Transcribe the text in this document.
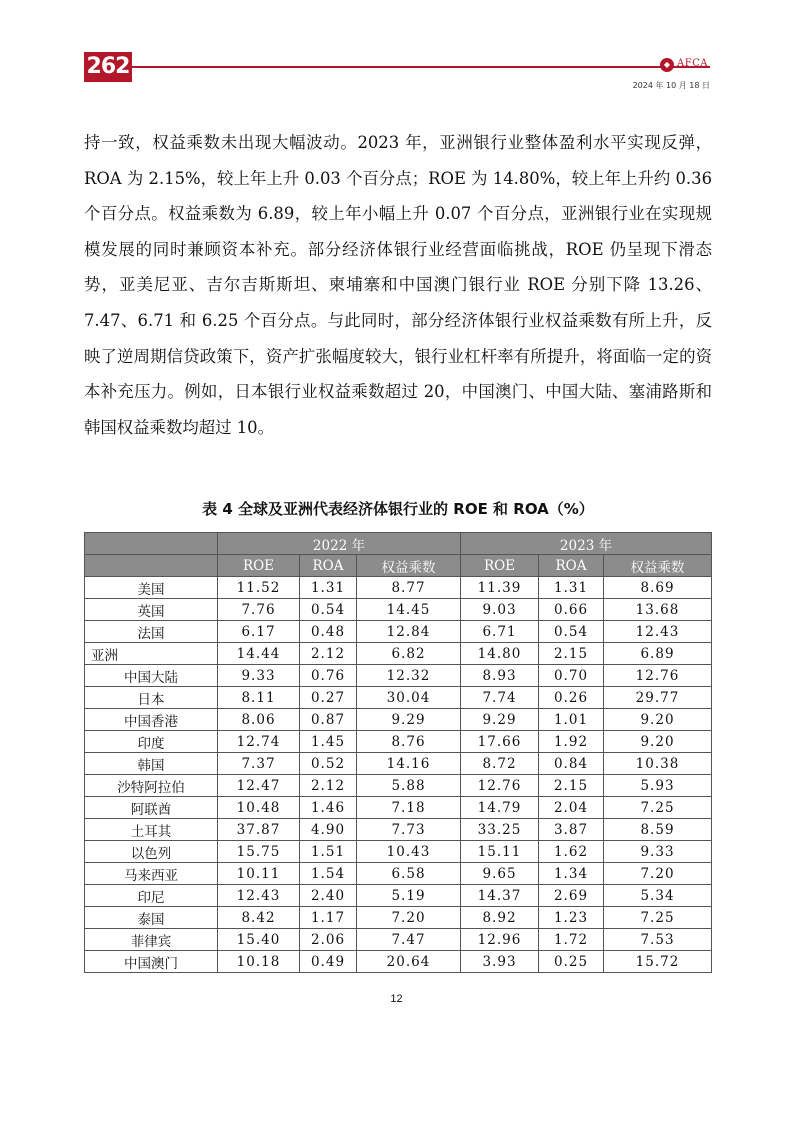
262	◆ AFCA
2024 年 10 月 18 日

持一致，权益乘数未出现大幅波动。2023 年，亚洲银行业整体盈利水平实现反弹，ROA 为 2.15%，较上年上升 0.03 个百分点；ROE 为 14.80%，较上年上升约 0.36 个百分点。权益乘数为 6.89，较上年小幅上升 0.07 个百分点，亚洲银行业在实现规模发展的同时兼顾资本补充。部分经济体银行业经营面临挑战，ROE 仍呈现下滑态势，亚美尼亚、吉尔吉斯斯坦、柬埔寨和中国澳门银行业 ROE 分别下降 13.26、7.47、6.71 和 6.25 个百分点。与此同时，部分经济体银行业权益乘数有所上升，反映了逆周期信贷政策下，资产扩张幅度较大，银行业杠杆率有所提升，将面临一定的资本补充压力。例如，日本银行业权益乘数超过 20，中国澳门、中国大陆、塞浦路斯和韩国权益乘数均超过 10。

表 4 全球及亚洲代表经济体银行业的 ROE 和 ROA（%）
	2022 年			2023 年		
	ROE	ROA	权益乘数	ROE	ROA	权益乘数
美国	11.52	1.31	8.77	11.39	1.31	8.69
英国	7.76	0.54	14.45	9.03	0.66	13.68
法国	6.17	0.48	12.84	6.71	0.54	12.43
亚洲	14.44	2.12	6.82	14.80	2.15	6.89
中国大陆	9.33	0.76	12.32	8.93	0.70	12.76
日本	8.11	0.27	30.04	7.74	0.26	29.77
中国香港	8.06	0.87	9.29	9.29	1.01	9.20
印度	12.74	1.45	8.76	17.66	1.92	9.20
韩国	7.37	0.52	14.16	8.72	0.84	10.38
沙特阿拉伯	12.47	2.12	5.88	12.76	2.15	5.93
阿联酋	10.48	1.46	7.18	14.79	2.04	7.25
土耳其	37.87	4.90	7.73	33.25	3.87	8.59
以色列	15.75	1.51	10.43	15.11	1.62	9.33
马来西亚	10.11	1.54	6.58	9.65	1.34	7.20
印尼	12.43	2.40	5.19	14.37	2.69	5.34
泰国	8.42	1.17	7.20	8.92	1.23	7.25
菲律宾	15.40	2.06	7.47	12.96	1.72	7.53
中国澳门	10.18	0.49	20.64	3.93	0.25	15.72
12
